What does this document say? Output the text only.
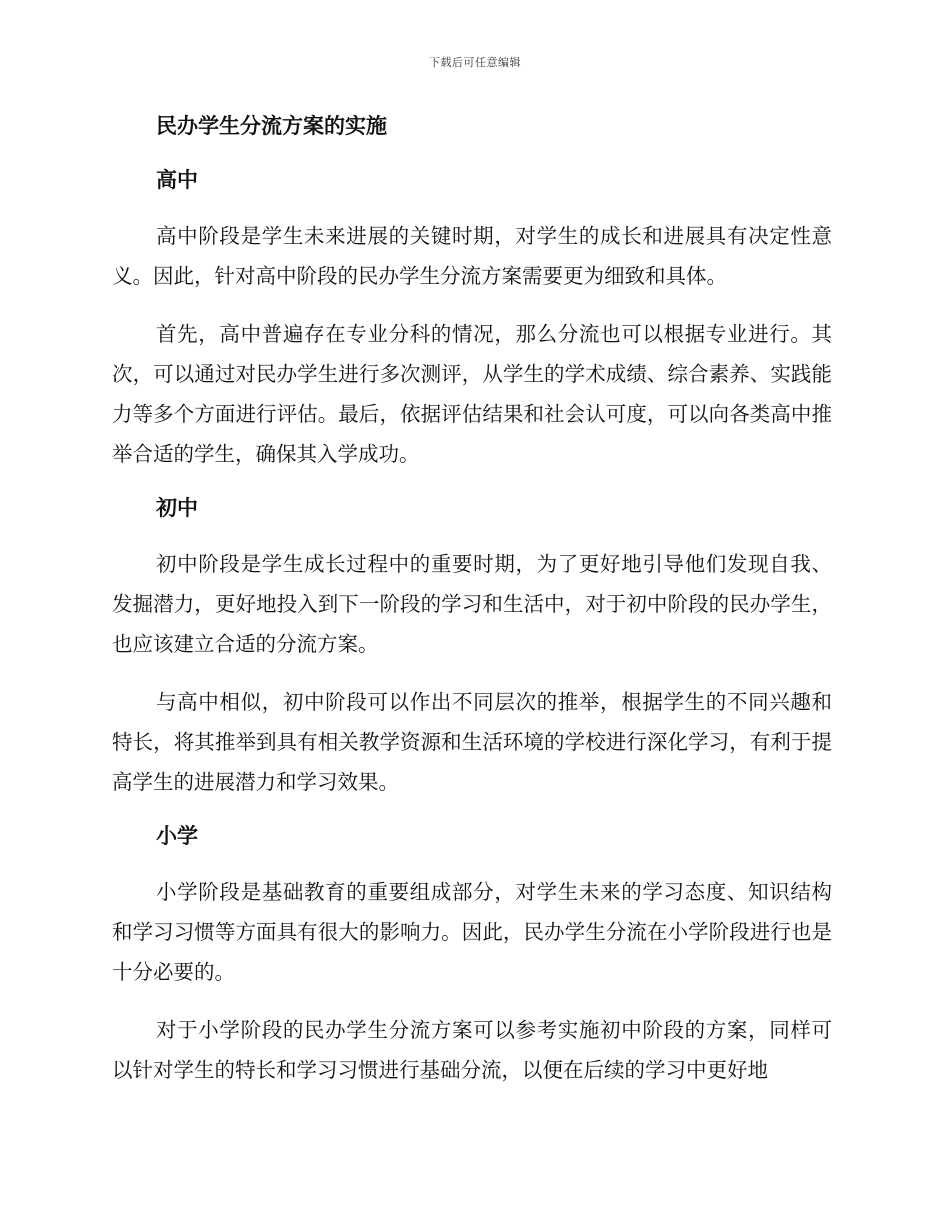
下载后可任意编辑
民办学生分流方案的实施
高中

高中阶段是学生未来进展的关键时期，对学生的成长和进展具有决定性意义。因此，针对高中阶段的民办学生分流方案需要更为细致和具体。

首先，高中普遍存在专业分科的情况，那么分流也可以根据专业进行。其次，可以通过对民办学生进行多次测评，从学生的学术成绩、综合素养、实践能力等多个方面进行评估。最后，依据评估结果和社会认可度，可以向各类高中推举合适的学生，确保其入学成功。

初中

初中阶段是学生成长过程中的重要时期，为了更好地引导他们发现自我、发掘潜力，更好地投入到下一阶段的学习和生活中，对于初中阶段的民办学生，也应该建立合适的分流方案。

与高中相似，初中阶段可以作出不同层次的推举，根据学生的不同兴趣和特长，将其推举到具有相关教学资源和生活环境的学校进行深化学习，有利于提高学生的进展潜力和学习效果。

小学

小学阶段是基础教育的重要组成部分，对学生未来的学习态度、知识结构和学习习惯等方面具有很大的影响力。因此，民办学生分流在小学阶段进行也是十分必要的。

对于小学阶段的民办学生分流方案可以参考实施初中阶段的方案，同样可以针对学生的特长和学习习惯进行基础分流，以便在后续的学习中更好地
